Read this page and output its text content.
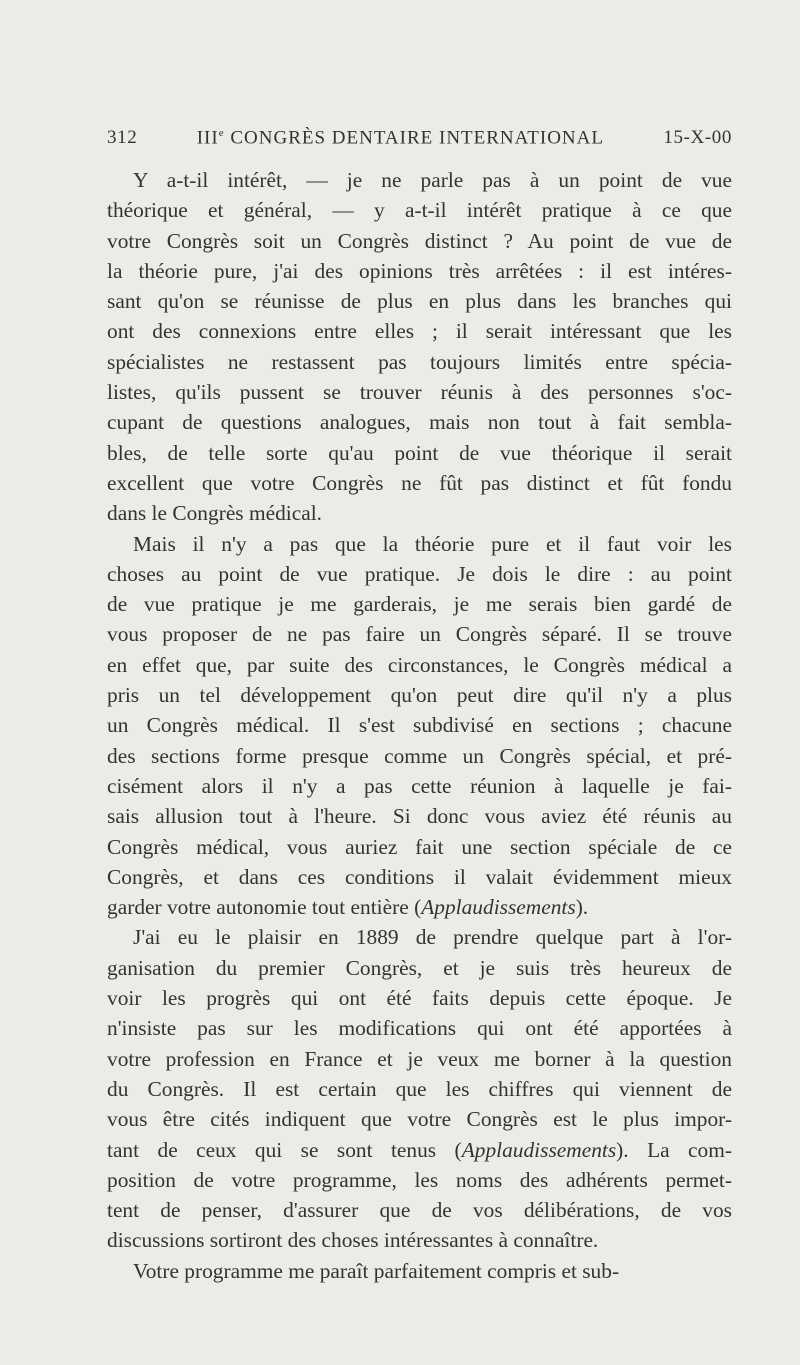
312	IIIe CONGRÈS DENTAIRE INTERNATIONAL	15-X-00
Y a-t-il intérêt, — je ne parle pas à un point de vue
théorique et général, — y a-t-il intérêt pratique à ce que
votre Congrès soit un Congrès distinct ? Au point de vue de
la théorie pure, j'ai des opinions très arrêtées : il est intéres-
sant qu'on se réunisse de plus en plus dans les branches qui
ont des connexions entre elles ; il serait intéressant que les
spécialistes ne restassent pas toujours limités entre spécia-
listes, qu'ils pussent se trouver réunis à des personnes s'oc-
cupant de questions analogues, mais non tout à fait sembla-
bles, de telle sorte qu'au point de vue théorique il serait
excellent que votre Congrès ne fût pas distinct et fût fondu
dans le Congrès médical.
Mais il n'y a pas que la théorie pure et il faut voir les
choses au point de vue pratique. Je dois le dire : au point
de vue pratique je me garderais, je me serais bien gardé de
vous proposer de ne pas faire un Congrès séparé. Il se trouve
en effet que, par suite des circonstances, le Congrès médical a
pris un tel développement qu'on peut dire qu'il n'y a plus
un Congrès médical. Il s'est subdivisé en sections ; chacune
des sections forme presque comme un Congrès spécial, et pré-
cisément alors il n'y a pas cette réunion à laquelle je fai-
sais allusion tout à l'heure. Si donc vous aviez été réunis au
Congrès médical, vous auriez fait une section spéciale de ce
Congrès, et dans ces conditions il valait évidemment mieux
garder votre autonomie tout entière (Applaudissements).
J'ai eu le plaisir en 1889 de prendre quelque part à l'or-
ganisation du premier Congrès, et je suis très heureux de
voir les progrès qui ont été faits depuis cette époque. Je
n'insiste pas sur les modifications qui ont été apportées à
votre profession en France et je veux me borner à la question
du Congrès. Il est certain que les chiffres qui viennent de
vous être cités indiquent que votre Congrès est le plus impor-
tant de ceux qui se sont tenus (Applaudissements). La com-
position de votre programme, les noms des adhérents permet-
tent de penser, d'assurer que de vos délibérations, de vos
discussions sortiront des choses intéressantes à connaître.
Votre programme me paraît parfaitement compris et sub-
